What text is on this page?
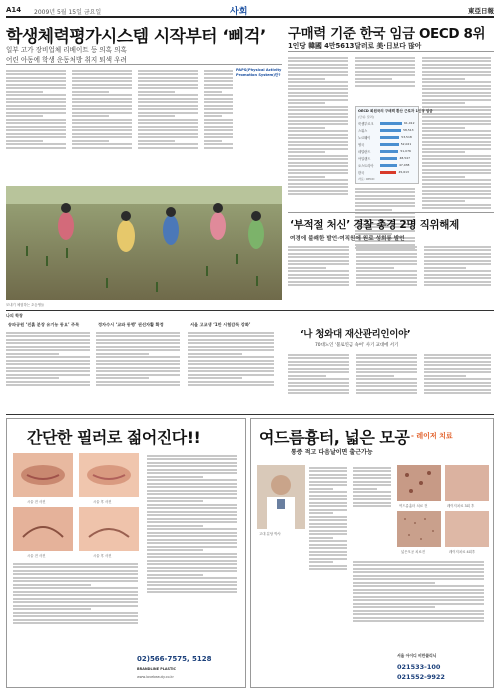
A14 2009년 5월 15일 금요일	사회	東亞日報
학생체력평가시스템 시작부터 ‘삐걱’
일부 고가 장비업체 리베이트 등 의혹 의혹
어린 아동에 학생 운동처방 취지 퇴색 우려
PAPS(Physical Activity Promotion System)란?
모내기 체험하는 초등생들
구매력 기준 한국 임금 OECD 8위
1인당 韓國 4만5613달러로 美·日보다 많아
OECD 회원국의 구매력 환산 근로자 1인당 임금
(단위: 달러)
룩셈부르크	61,012
스위스	58,513
노르웨이	53,518
영국	52,021
네덜란드	51,076
아일랜드	48,547
오스트리아	47,038
한국	45,613
자료: OECD
‘부적절 처신’ 경찰 총경 2명 직위해제
여경에 불쾌한 발언·여직원에 원로 성희롱 발언
나의 학창
송파공원 ‘진흙 분장 유기농 동요’ 주목	정자수시 ‘교와 동행’ 권선자활 확정	서울 고교생 ‘1만 시험감독 강화’
‘나 청와대 재산관리인이야’
70대노인 ‘불로연금 속여’ 사기 교대에 서기
간단한 필러로 젊어진다!!
시술 전 사진	시술 후 사진
시술 전 사진	시술 후 사진
02)566-7575, 5128
BRANDLINE PLASTIC
www.lovebeauty.co.kr
여드름흉터, 넓은 모공 - 레이저 치료
통증 적고 다음날이면 출근가능
고대 분당 박사
여드름흉터 치료 전	레이저치료 3회 후
넓은모공 치료전	레이저치료 4회후
서울 아이디 비만클리닉
021533-100
021552-9922
